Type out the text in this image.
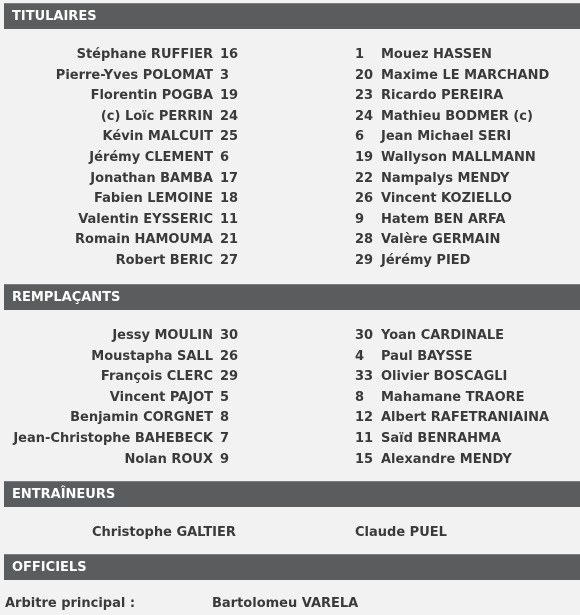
TITULAIRES
Stéphane RUFFIER 16	1 Mouez HASSEN
Pierre-Yves POLOMAT 3	20 Maxime LE MARCHAND
Florentin POGBA 19	23 Ricardo PEREIRA
(c) Loïc PERRIN 24	24 Mathieu BODMER (c)
Kévin MALCUIT 25	6 Jean Michael SERI
Jérémy CLEMENT 6	19 Wallyson MALLMANN
Jonathan BAMBA 17	22 Nampalys MENDY
Fabien LEMOINE 18	26 Vincent KOZIELLO
Valentin EYSSERIC 11	9 Hatem BEN ARFA
Romain HAMOUMA 21	28 Valère GERMAIN
Robert BERIC 27	29 Jérémy PIED
REMPLAÇANTS
Jessy MOULIN 30	30 Yoan CARDINALE
Moustapha SALL 26	4 Paul BAYSSE
François CLERC 29	33 Olivier BOSCAGLI
Vincent PAJOT 5	8 Mahamane TRAORE
Benjamin CORGNET 8	12 Albert RAFETRANIAINA
Jean-Christophe BAHEBECK 7	11 Saïd BENRAHMA
Nolan ROUX 9	15 Alexandre MENDY
ENTRAÎNEURS
Christophe GALTIER	Claude PUEL
OFFICIELS
Arbitre principal :	Bartolomeu VARELA
